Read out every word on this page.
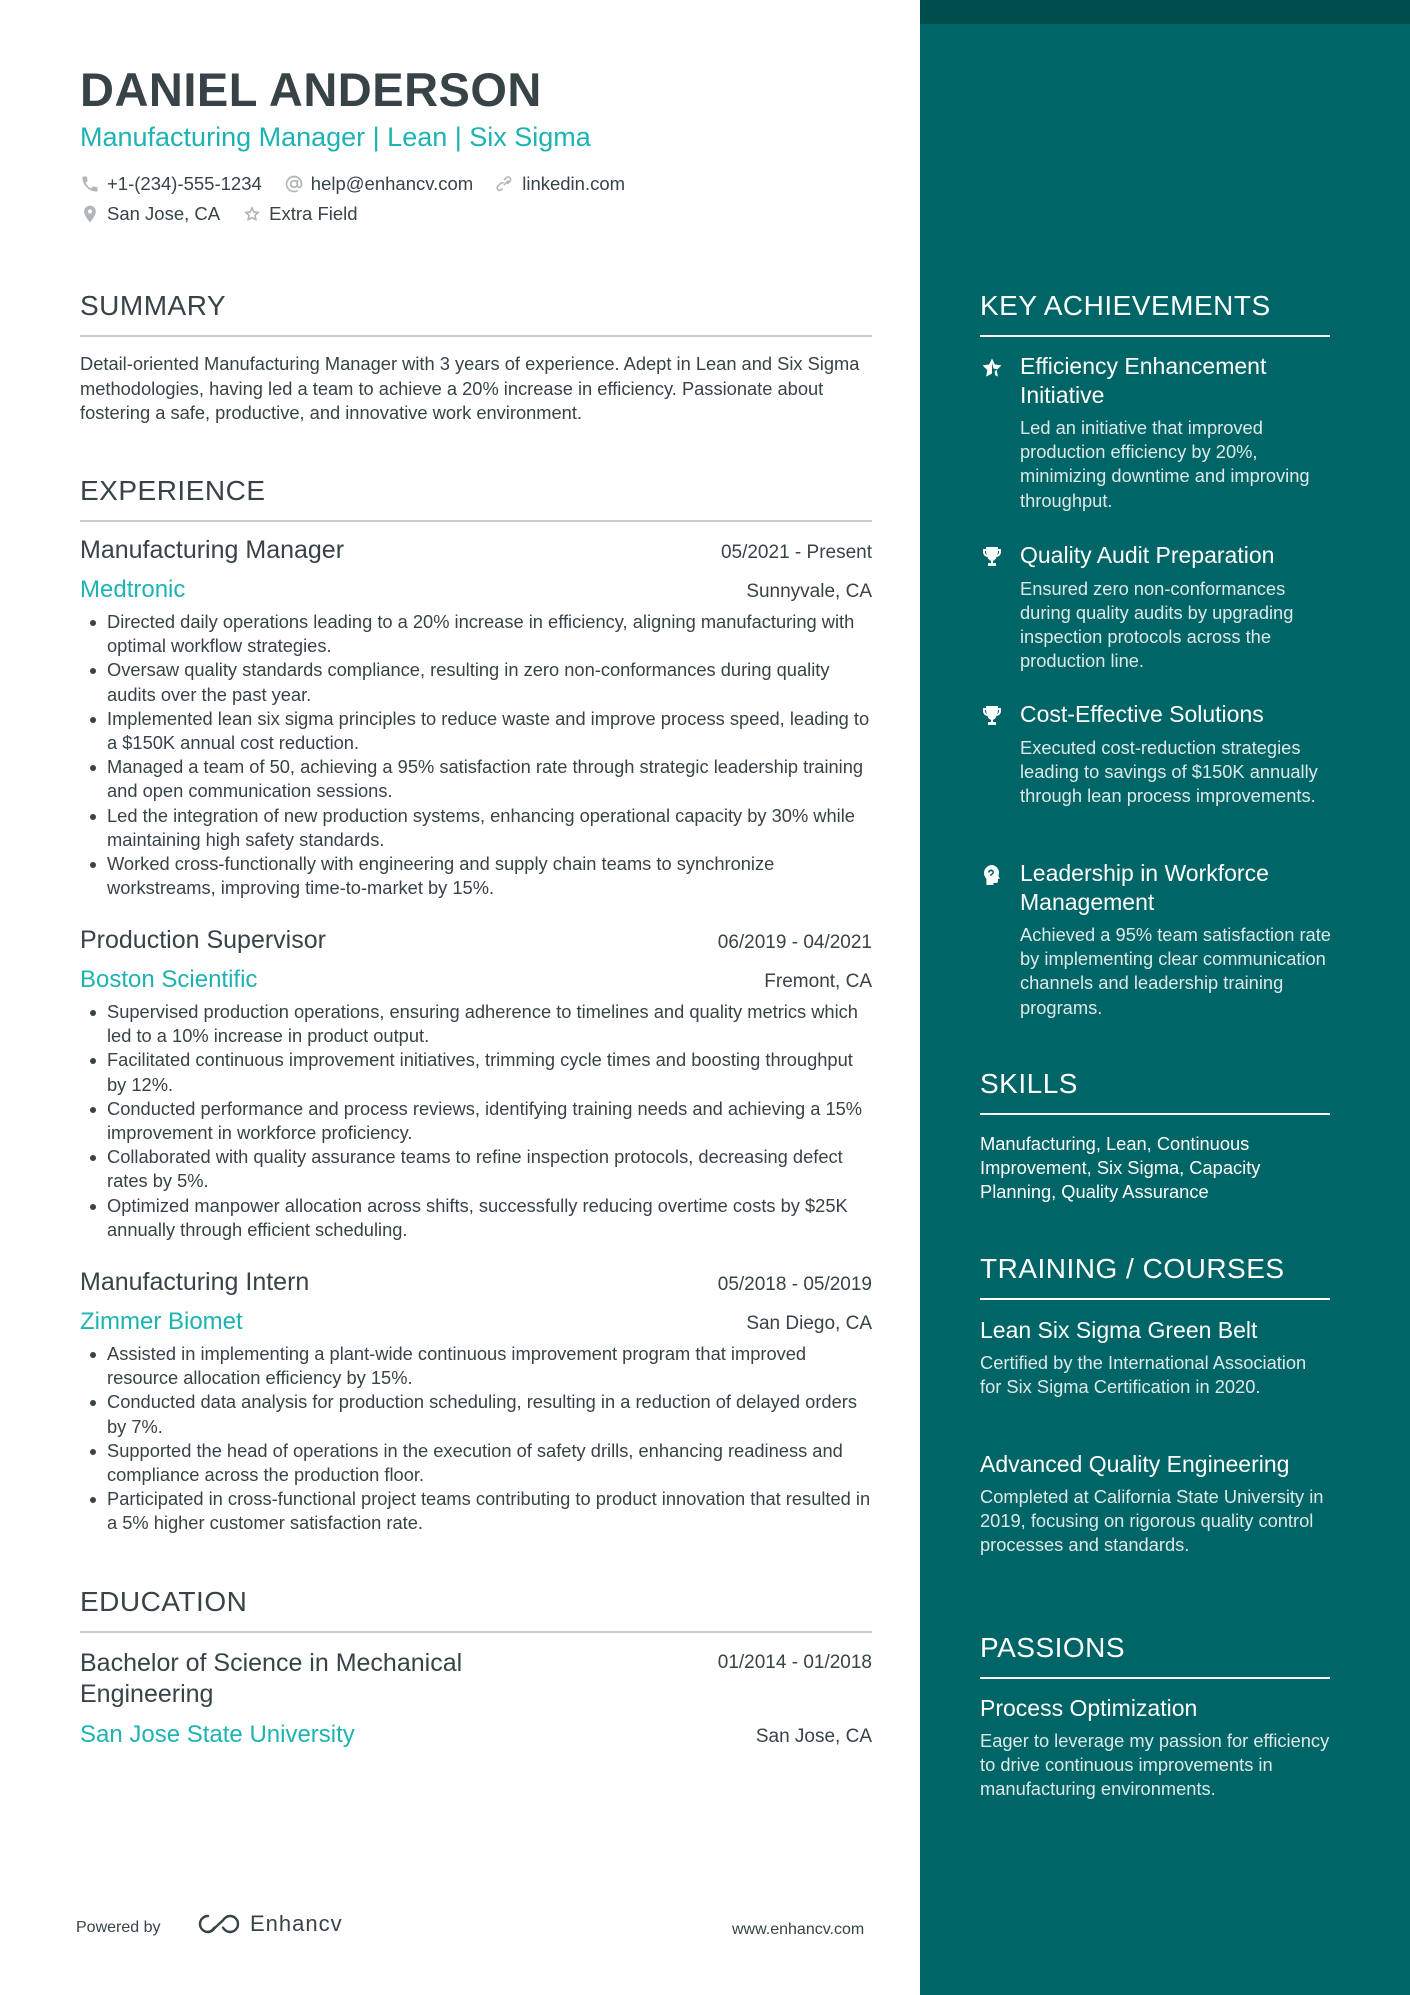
DANIEL ANDERSON
Manufacturing Manager | Lean | Six Sigma
+1-(234)-555-1234	help@enhancv.com	linkedin.com
San Jose, CA	Extra Field
SUMMARY
Detail-oriented Manufacturing Manager with 3 years of experience. Adept in Lean and Six Sigma methodologies, having led a team to achieve a 20% increase in efficiency. Passionate about fostering a safe, productive, and innovative work environment.
EXPERIENCE
Manufacturing Manager	05/2021 - Present
Medtronic	Sunnyvale, CA
Directed daily operations leading to a 20% increase in efficiency, aligning manufacturing with optimal workflow strategies.
Oversaw quality standards compliance, resulting in zero non-conformances during quality audits over the past year.
Implemented lean six sigma principles to reduce waste and improve process speed, leading to a $150K annual cost reduction.
Managed a team of 50, achieving a 95% satisfaction rate through strategic leadership training and open communication sessions.
Led the integration of new production systems, enhancing operational capacity by 30% while maintaining high safety standards.
Worked cross-functionally with engineering and supply chain teams to synchronize workstreams, improving time-to-market by 15%.
Production Supervisor	06/2019 - 04/2021
Boston Scientific	Fremont, CA
Supervised production operations, ensuring adherence to timelines and quality metrics which led to a 10% increase in product output.
Facilitated continuous improvement initiatives, trimming cycle times and boosting throughput by 12%.
Conducted performance and process reviews, identifying training needs and achieving a 15% improvement in workforce proficiency.
Collaborated with quality assurance teams to refine inspection protocols, decreasing defect rates by 5%.
Optimized manpower allocation across shifts, successfully reducing overtime costs by $25K annually through efficient scheduling.
Manufacturing Intern	05/2018 - 05/2019
Zimmer Biomet	San Diego, CA
Assisted in implementing a plant-wide continuous improvement program that improved resource allocation efficiency by 15%.
Conducted data analysis for production scheduling, resulting in a reduction of delayed orders by 7%.
Supported the head of operations in the execution of safety drills, enhancing readiness and compliance across the production floor.
Participated in cross-functional project teams contributing to product innovation that resulted in a 5% higher customer satisfaction rate.
EDUCATION
Bachelor of Science in Mechanical Engineering
01/2014 - 01/2018
San Jose State University	San Jose, CA
Powered by	Enhancv	www.enhancv.com
KEY ACHIEVEMENTS
Efficiency Enhancement Initiative
Led an initiative that improved production efficiency by 20%, minimizing downtime and improving throughput.
Quality Audit Preparation
Ensured zero non-conformances during quality audits by upgrading inspection protocols across the production line.
Cost-Effective Solutions
Executed cost-reduction strategies leading to savings of $150K annually through lean process improvements.
Leadership in Workforce Management
Achieved a 95% team satisfaction rate by implementing clear communication channels and leadership training programs.
SKILLS
Manufacturing, Lean, Continuous Improvement, Six Sigma, Capacity Planning, Quality Assurance
TRAINING / COURSES
Lean Six Sigma Green Belt
Certified by the International Association for Six Sigma Certification in 2020.
Advanced Quality Engineering
Completed at California State University in 2019, focusing on rigorous quality control processes and standards.
PASSIONS
Process Optimization
Eager to leverage my passion for efficiency to drive continuous improvements in manufacturing environments.
